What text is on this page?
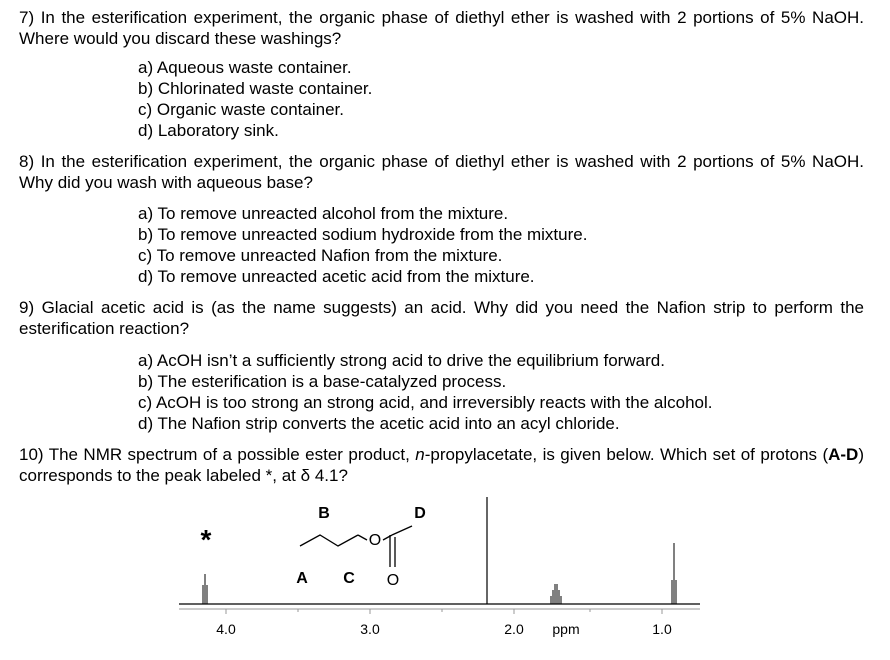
7) In the esterification experiment, the organic phase of diethyl ether is washed with 2 portions of 5% NaOH. Where would you discard these washings?

a) Aqueous waste container.
b) Chlorinated waste container.
c) Organic waste container.
d) Laboratory sink.

8) In the esterification experiment, the organic phase of diethyl ether is washed with 2 portions of 5% NaOH. Why did you wash with aqueous base?

a) To remove unreacted alcohol from the mixture.
b) To remove unreacted sodium hydroxide from the mixture.
c) To remove unreacted Nafion from the mixture.
d) To remove unreacted acetic acid from the mixture.

9) Glacial acetic acid is (as the name suggests) an acid. Why did you need the Nafion strip to perform the esterification reaction?

a) AcOH isn’t a sufficiently strong acid to drive the equilibrium forward.
b) The esterification is a base-catalyzed process.
c) AcOH is too strong an strong acid, and irreversibly reacts with the alcohol.
d) The Nafion strip converts the acetic acid into an acyl chloride.

10) The NMR spectrum of a possible ester product, n-propylacetate, is given below. Which set of protons (A-D) corresponds to the peak labeled *, at δ 4.1?

4.0	3.0	2.0 ppm	1.0
*	O
O
A
B
C
D
